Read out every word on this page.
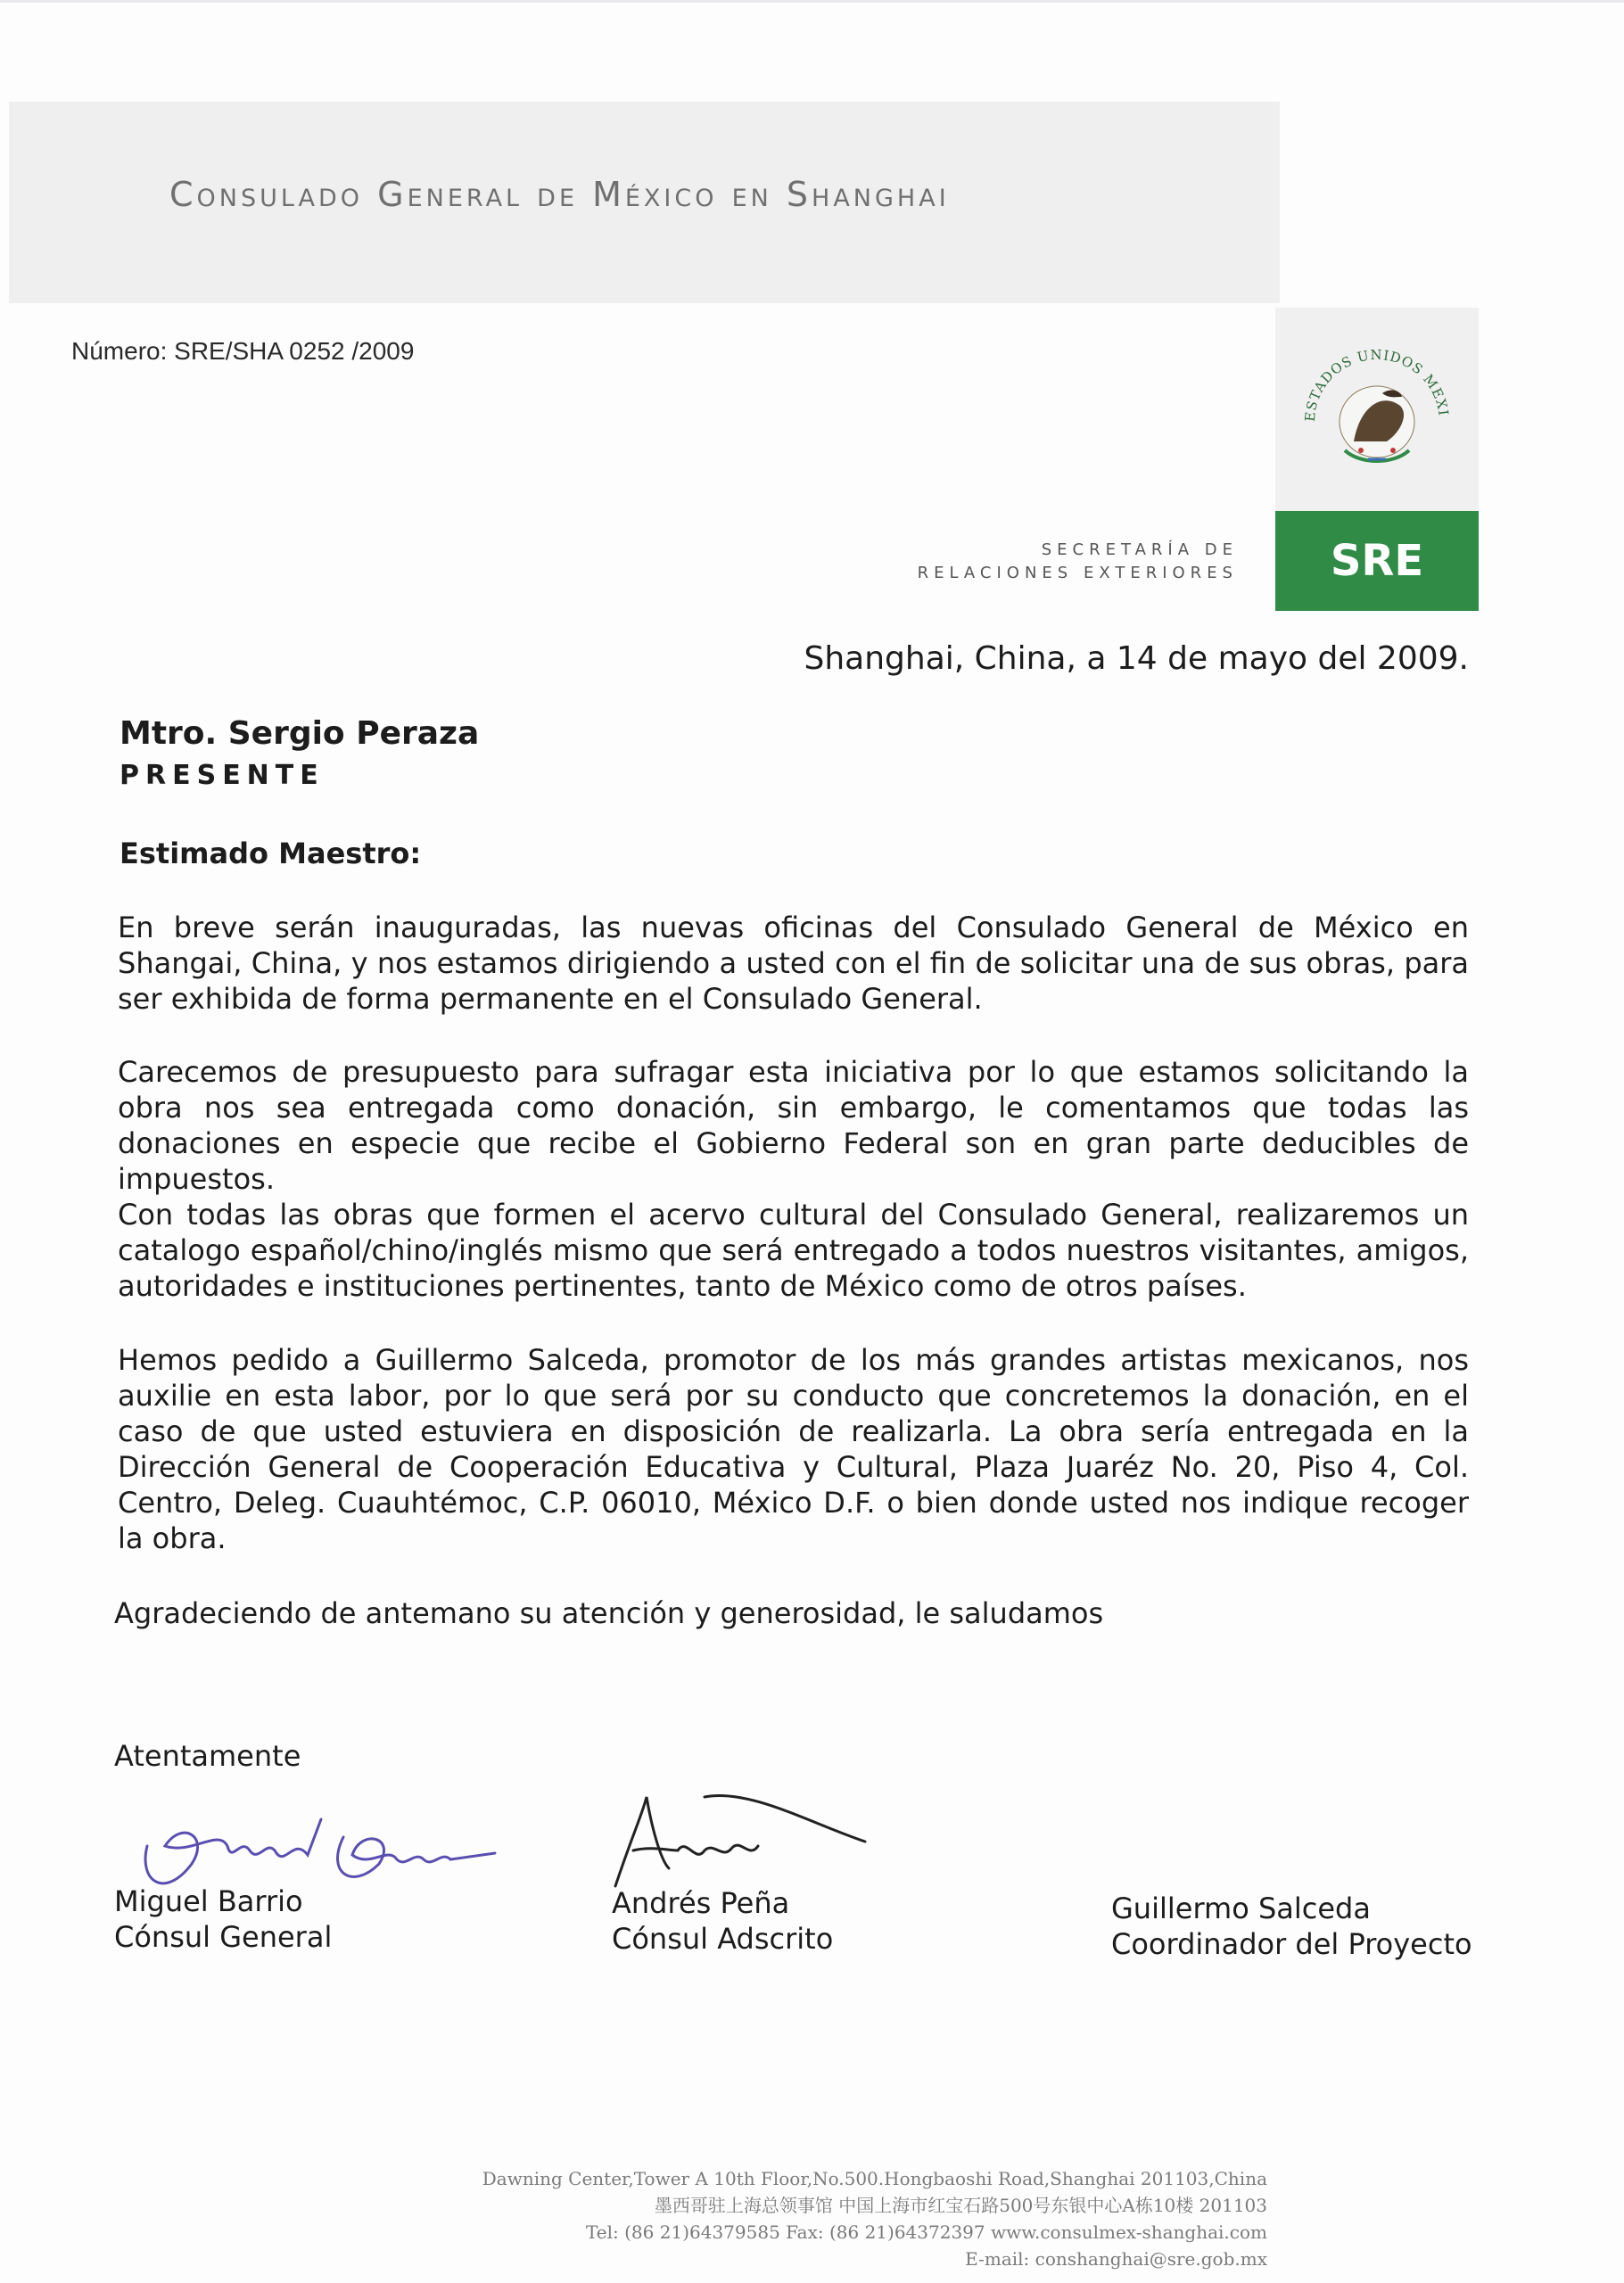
Consulado General de México en Shanghai
Número: SRE/SHA 0252 /2009
ESTADOS UNIDOS MEXI
SECRETARÍA DE
RELACIONES EXTERIORES	SRE
Shanghai, China, a 14 de mayo del 2009.
Mtro. Sergio Peraza
PRESENTE
Estimado Maestro:
En breve serán inauguradas, las nuevas oficinas del Consulado General de México en Shangai, China, y nos estamos dirigiendo a usted con el fin de solicitar una de sus obras, para ser exhibida de forma permanente en el Consulado General.
Carecemos de presupuesto para sufragar esta iniciativa por lo que estamos solicitando la obra nos sea entregada como donación, sin embargo, le comentamos que todas las donaciones en especie que recibe el Gobierno Federal son en gran parte deducibles de impuestos.
Con todas las obras que formen el acervo cultural del Consulado General, realizaremos un catalogo español/chino/inglés mismo que será entregado a todos nuestros visitantes, amigos, autoridades e instituciones pertinentes, tanto de México como de otros países.
Hemos pedido a Guillermo Salceda, promotor de los más grandes artistas mexicanos, nos auxilie en esta labor, por lo que será por su conducto que concretemos la donación, en el caso de que usted estuviera en disposición de realizarla. La obra sería entregada en la Dirección General de Cooperación Educativa y Cultural, Plaza Juaréz No. 20, Piso 4, Col. Centro, Deleg. Cuauhtémoc, C.P. 06010, México D.F. o bien donde usted nos indique recoger la obra.
Agradeciendo de antemano su atención y generosidad, le saludamos
Atentamente
Miguel Barrio
Cónsul General
Andrés Peña
Cónsul Adscrito
Guillermo Salceda
Coordinador del Proyecto
Dawning Center,Tower A 10th Floor,No.500.Hongbaoshi Road,Shanghai 201103,China
墨西哥驻上海总领事馆 中国上海市红宝石路500号东银中心A栋10楼 201103
Tel: (86 21)64379585 Fax: (86 21)64372397 www.consulmex-shanghai.com
E-mail: conshanghai@sre.gob.mx
